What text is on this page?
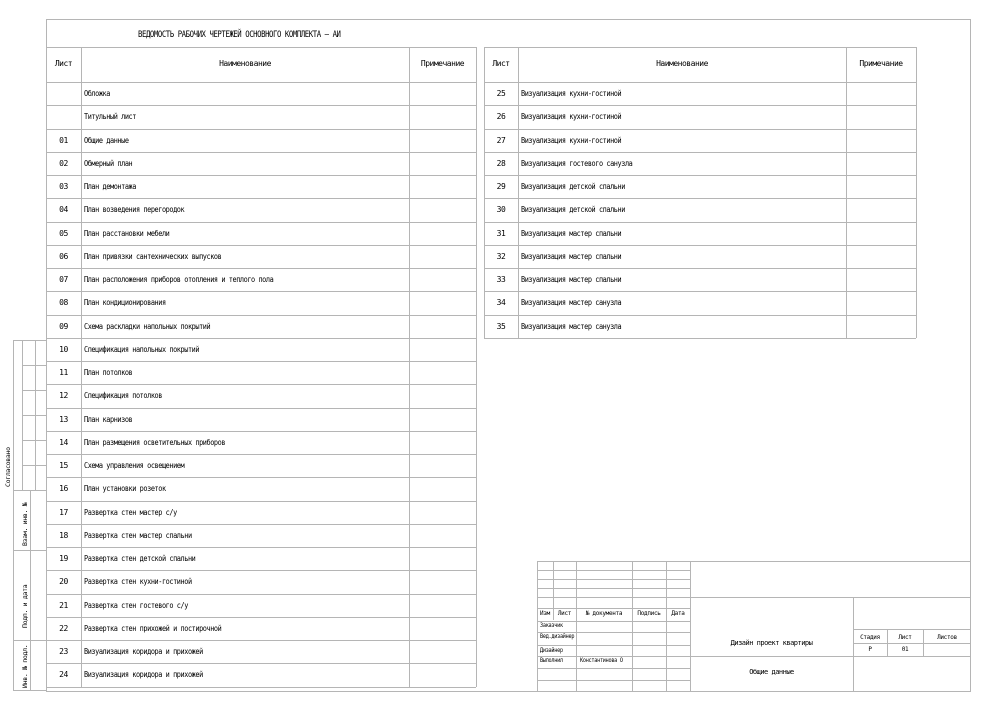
ВЕДОМОСТЬ РАБОЧИХ ЧЕРТЕЖЕЙ ОСНОВНОГО КОМПЛЕКТА – АИ
Лист	Наименование	Примечание
Обложка
Титульный лист
01	Общие данные
02	Обмерный план
03	План демонтажа
04	План возведения перегородок
05	План расстановки мебели
06	План привязки сантехнических выпусков
07	План расположения приборов отопления и теплого пола
08	План кондиционирования
09	Схема раскладки напольных покрытий
10	Спецификация напольных покрытий
11	План потолков
12	Спецификация потолков
13	План карнизов
14	План размещения осветительных приборов
15	Схема управления освещением
16	План установки розеток
17	Развертка стен мастер с/у
18	Развертка стен мастер спальни
19	Развертка стен детской спальни
20	Развертка стен кухни-гостиной
21	Развертка стен гостевого с/у
22	Развертка стен прихожей и постирочной
23	Визуализация коридора и прихожей
24	Визуализация коридора и прихожей
Лист	Наименование	Примечание
25	Визуализация кухни-гостиной
26	Визуализация кухни-гостиной
27	Визуализация кухни-гостиной
28	Визуализация гостевого санузла
29	Визуализация детской спальни
30	Визуализация детской спальни
31	Визуализация мастер спальни
32	Визуализация мастер спальни
33	Визуализация мастер спальни
34	Визуализация мастер санузла
35	Визуализация мастер санузла
Согласовано
Взам. инв. №
Подп. и дата
Инв. № подл.
Изм	Лист	№ документа	Подпись	Дата
Заказчик
Вед.дизайнер
Дизайнер
Выполнил	Константинова О
Дизайн проект квартиры
Общие данные
Стадия	Лист	Листов
Р	01
